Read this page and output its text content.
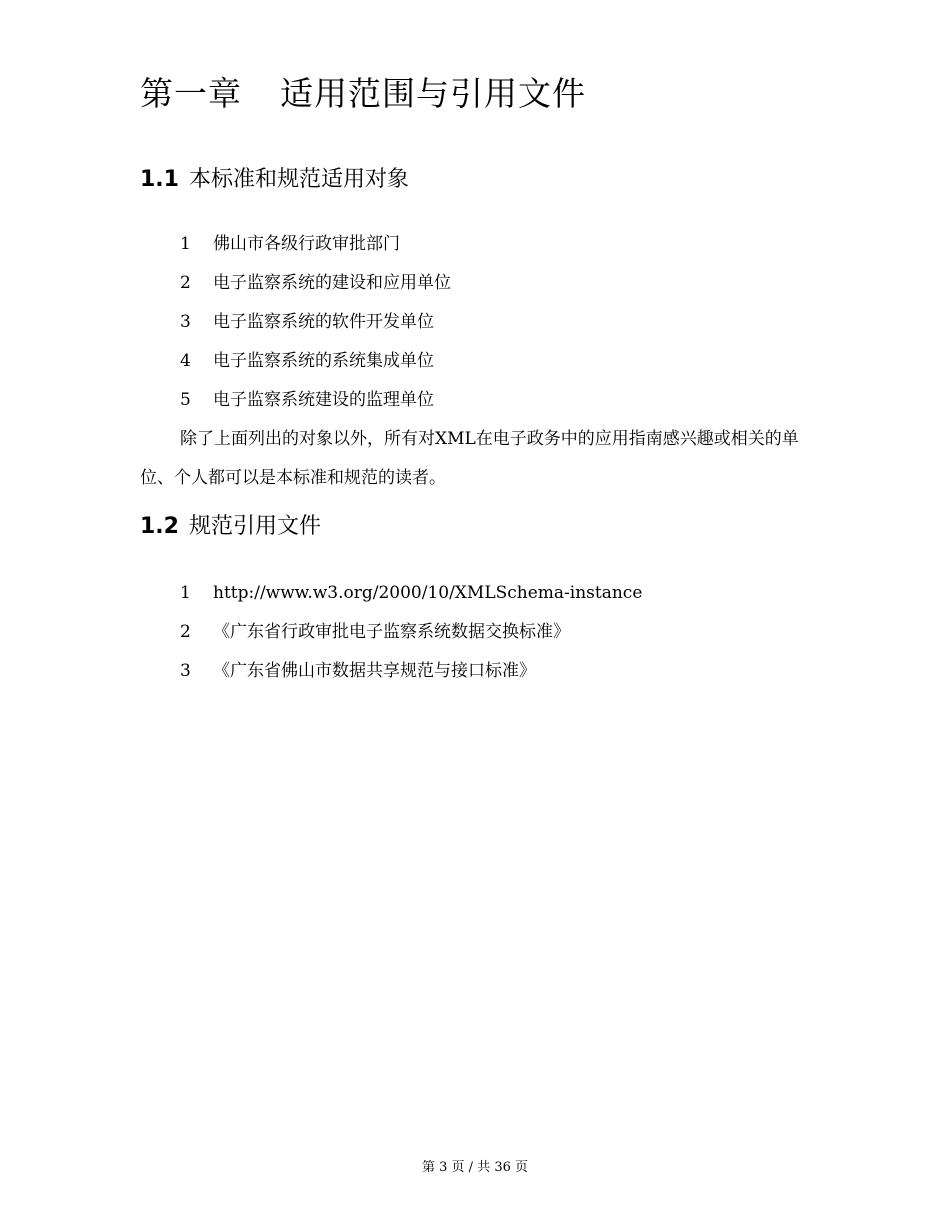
第一章 适用范围与引用文件
1.1 本标准和规范适用对象
1 佛山市各级行政审批部门
2 电子监察系统的建设和应用单位
3 电子监察系统的软件开发单位
4 电子监察系统的系统集成单位
5 电子监察系统建设的监理单位

除了上面列出的对象以外，所有对XML在电子政务中的应用指南感兴趣或相关的单位、个人都可以是本标准和规范的读者。

1.2 规范引用文件
1 http://www.w3.org/2000/10/XMLSchema-instance
2 《广东省行政审批电子监察系统数据交换标准》
3 《广东省佛山市数据共享规范与接口标准》
第 3 页 / 共 36 页
